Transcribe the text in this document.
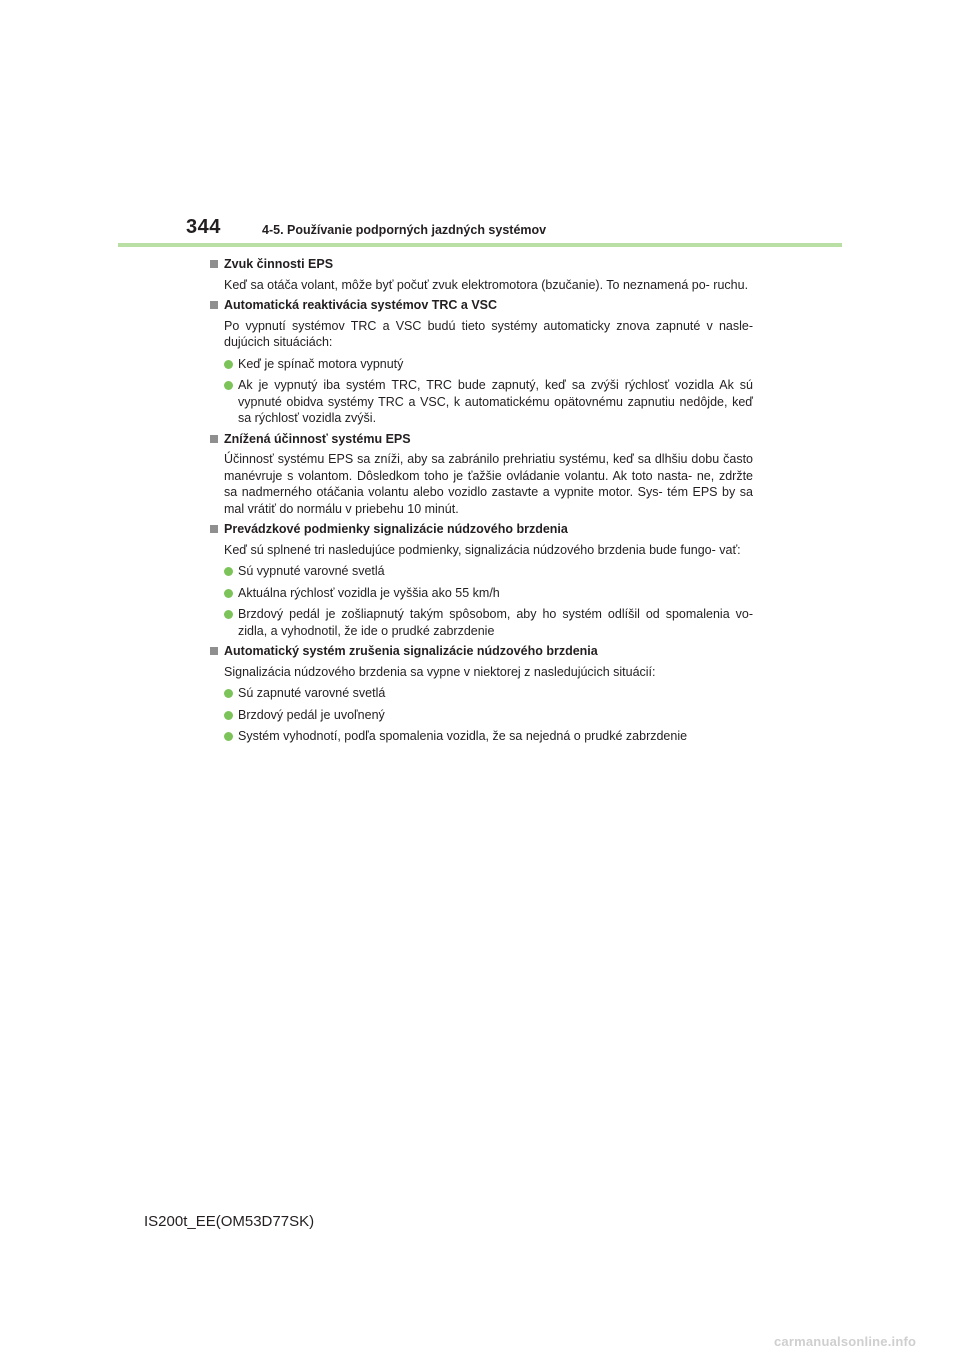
344	4-5. Používanie podporných jazdných systémov
Zvuk činnosti EPS
Keď sa otáča volant, môže byť počuť zvuk elektromotora (bzučanie). To neznamená po- ruchu.
Automatická reaktivácia systémov TRC a VSC
Po vypnutí systémov TRC a VSC budú tieto systémy automaticky znova zapnuté v nasle- dujúcich situáciách:
Keď je spínač motora vypnutý
Ak je vypnutý iba systém TRC, TRC bude zapnutý, keď sa zvýši rýchlosť vozidla Ak sú vypnuté obidva systémy TRC a VSC, k automatickému opätovnému zapnutiu nedôjde, keď sa rýchlosť vozidla zvýši.
Znížená účinnosť systému EPS
Účinnosť systému EPS sa zníži, aby sa zabránilo prehriatiu systému, keď sa dlhšiu dobu často manévruje s volantom. Dôsledkom toho je ťažšie ovládanie volantu. Ak toto nasta- ne, zdržte sa nadmerného otáčania volantu alebo vozidlo zastavte a vypnite motor. Sys- tém EPS by sa mal vrátiť do normálu v priebehu 10 minút.
Prevádzkové podmienky signalizácie núdzového brzdenia
Keď sú splnené tri nasledujúce podmienky, signalizácia núdzového brzdenia bude fungo- vať:
Sú vypnuté varovné svetlá
Aktuálna rýchlosť vozidla je vyššia ako 55 km/h
Brzdový pedál je zošliapnutý takým spôsobom, aby ho systém odlíšil od spomalenia vo- zidla, a vyhodnotil, že ide o prudké zabrzdenie
Automatický systém zrušenia signalizácie núdzového brzdenia
Signalizácia núdzového brzdenia sa vypne v niektorej z nasledujúcich situácií:
Sú zapnuté varovné svetlá
Brzdový pedál je uvoľnený
Systém vyhodnotí, podľa spomalenia vozidla, že sa nejedná o prudké zabrzdenie
IS200t_EE(OM53D77SK)
carmanualsonline.info
